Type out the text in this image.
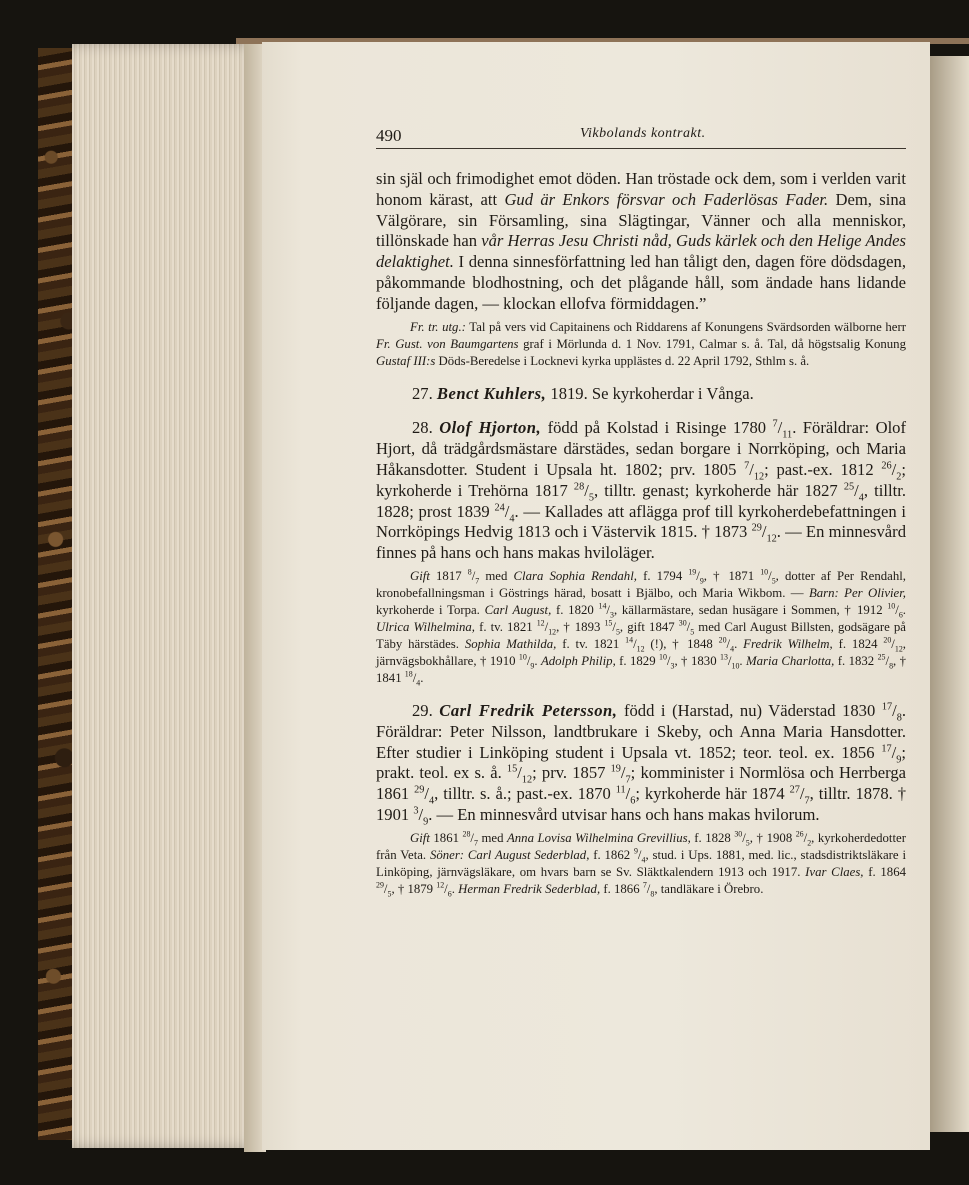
490	Vikbolands kontrakt.

sin själ och frimodighet emot döden. Han tröstade ock dem, som i verlden varit honom kärast, att Gud är Enkors försvar och Faderlösas Fader. Dem, sina Välgörare, sin Församling, sina Slägtingar, Vänner och alla menniskor, tillönskade han vår Herras Jesu Christi nåd, Guds kärlek och den Helige Andes delaktighet. I denna sinnesförfattning led han tåligt den, dagen före dödsdagen, påkommande blodhostning, och det plågande håll, som ändade hans lidande följande dagen, — klockan ellofva förmiddagen.”

Fr. tr. utg.: Tal på vers vid Capitainens och Riddarens af Konungens Svärdsorden wälborne herr Fr. Gust. von Baumgartens graf i Mörlunda d. 1 Nov. 1791, Calmar s. å. Tal, då högstsalig Konung Gustaf III:s Döds-Beredelse i Locknevi kyrka upplästes d. 22 April 1792, Sthlm s. å.

27. Benct Kuhlers, 1819. Se kyrkoherdar i Vånga.

28. Olof Hjorton, född på Kolstad i Risinge 1780 $^7/_{11}$. Föräldrar: Olof Hjort, då trädgårdsmästare därstädes, sedan borgare i Norrköping, och Maria Håkansdotter. Student i Upsala ht. 1802; prv. 1805 $^7/_{12}$; past.-ex. 1812 $^{26}/_2$; kyrkoherde i Trehörna 1817 $^{28}/_5$, tilltr. genast; kyrkoherde här 1827 $^{25}/_4$, tilltr. 1828; prost 1839 $^{24}/_4$. — Kallades att aflägga prof till kyrkoherdebefattningen i Norrköpings Hedvig 1813 och i Västervik 1815. † 1873 $^{29}/_{12}$. — En minnesvård finnes på hans och hans makas hviloläger.

Gift 1817 $^8/_7$ med Clara Sophia Rendahl, f. 1794 $^{19}/_9$, † 1871 $^{10}/_5$, dotter af Per Rendahl, kronobefallningsman i Göstrings härad, bosatt i Bjälbo, och Maria Wikbom. — Barn: Per Olivier, kyrkoherde i Torpa. Carl August, f. 1820 $^{14}/_3$, källarmästare, sedan husägare i Sommen, † 1912 $^{10}/_6$. Ulrica Wilhelmina, f. tv. 1821 $^{12}/_{12}$, † 1893 $^{15}/_5$, gift 1847 $^{30}/_5$ med Carl August Billsten, godsägare på Täby härstädes. Sophia Mathilda, f. tv. 1821 $^{14}/_{12}$ (!), † 1848 $^{20}/_4$. Fredrik Wilhelm, f. 1824 $^{20}/_{12}$, järnvägsbokhållare, † 1910 $^{10}/_9$. Adolph Philip, f. 1829 $^{10}/_3$, † 1830 $^{13}/_{10}$. Maria Charlotta, f. 1832 $^{25}/_8$, † 1841 $^{18}/_4$.

29. Carl Fredrik Petersson, född i (Harstad, nu) Väderstad 1830 $^{17}/_8$. Föräldrar: Peter Nilsson, landtbrukare i Skeby, och Anna Maria Hansdotter. Efter studier i Linköping student i Upsala vt. 1852; teor. teol. ex. 1856 $^{17}/_9$; prakt. teol. ex s. å. $^{15}/_{12}$; prv. 1857 $^{19}/_7$; komminister i Normlösa och Herrberga 1861 $^{29}/_4$, tilltr. s. å.; past.-ex. 1870 $^{11}/_6$; kyrkoherde här 1874 $^{27}/_7$, tilltr. 1878. † 1901 $^3/_9$. — En minnesvård utvisar hans och hans makas hvilorum.

Gift 1861 $^{28}/_7$ med Anna Lovisa Wilhelmina Grevillius, f. 1828 $^{30}/_5$, † 1908 $^{26}/_2$, kyrkoherdedotter från Veta. Söner: Carl August Sederblad, f. 1862 $^9/_4$, stud. i Ups. 1881, med. lic., stadsdistriktsläkare i Linköping, järnvägsläkare, om hvars barn se Sv. Släktkalendern 1913 och 1917. Ivar Claes, f. 1864 $^{29}/_5$, † 1879 $^{12}/_6$. Herman Fredrik Sederblad, f. 1866 $^7/_8$, tandläkare i Örebro.
